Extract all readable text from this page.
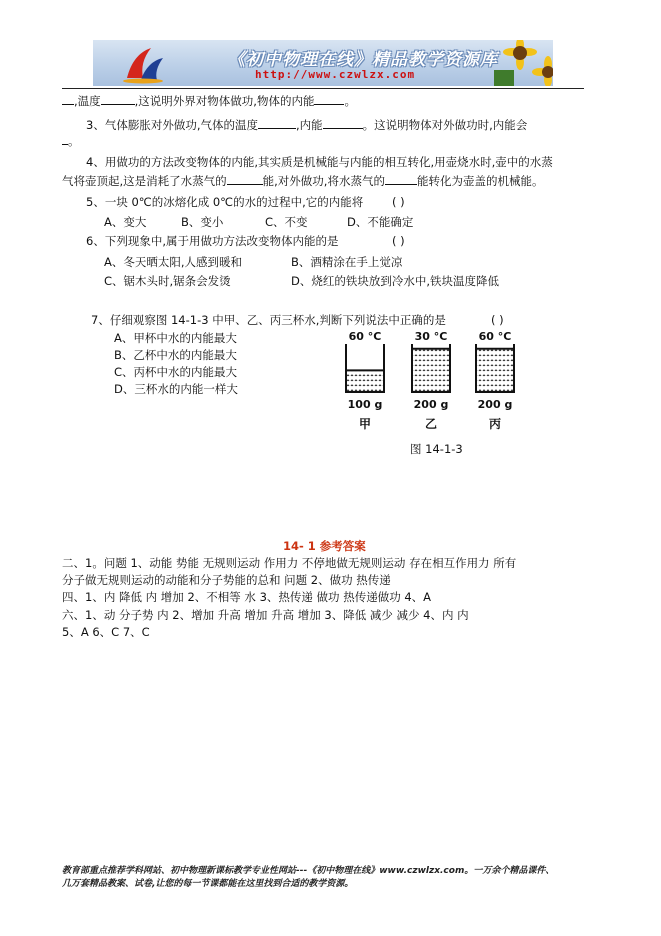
《初中物理在线》精品教学资源库
http://www.czwlzx.com
,温度	,这说明外界对物体做功,物体的内能	。
3、气体膨胀对外做功,气体的温度	,内能	。这说明物体对外做功时,内能会
。
4、用做功的方法改变物体的内能,其实质是机械能与内能的相互转化,用壶烧水时,壶中的水蒸
气将壶顶起,这是消耗了水蒸气的	能,对外做功,将水蒸气的	能转化为壶盖的机械能。
5、一块 0℃的冰熔化成 0℃的水的过程中,它的内能将	( )
A、变大	B、变小	C、不变	D、不能确定
6、下列现象中,属于用做功方法改变物体内能的是	( )
A、冬天晒太阳,人感到暖和	B、酒精涂在手上觉凉
C、锯木头时,锯条会发烫	D、烧红的铁块放到冷水中,铁块温度降低
7、仔细观察图 14-1-3 中甲、乙、丙三杯水,判断下列说法中正确的是	( )
A、甲杯中水的内能最大
B、乙杯中水的内能最大
C、丙杯中水的内能最大
D、三杯水的内能一样大
60 °C
100 g
甲
30 °C
200 g
乙
60 °C
200 g
丙
图 14-1-3
14- 1 参考答案
二、1。问题 1、动能 势能 无规则运动 作用力 不停地做无规则运动 存在相互作用力 所有
分子做无规则运动的动能和分子势能的总和 问题 2、做功 热传递
四、1、内 降低 内 增加 2、不相等 水 3、热传递 做功 热传递做功 4、A
六、1、动 分子势 内 2、增加 升高 增加 升高 增加 3、降低 减少 减少 4、内 内
5、A 6、C 7、C
教育部重点推荐学科网站、初中物理新课标教学专业性网站---《初中物理在线》www.czwlzx.com。一万余个精品课件、
几万套精品教案、试卷,让您的每一节课都能在这里找到合适的教学资源。
